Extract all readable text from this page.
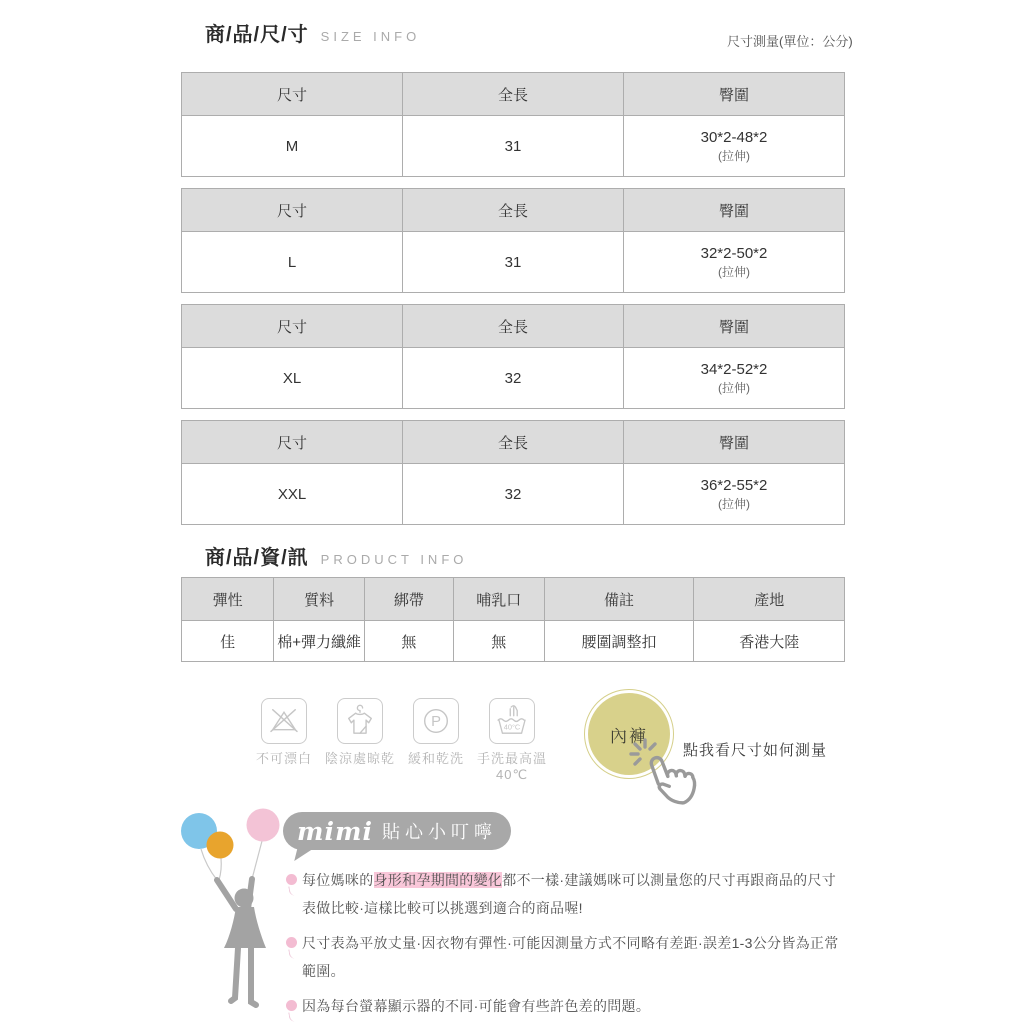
商/品/尺/寸 SIZE INFO	尺寸測量(單位：公分)
尺寸	全長	臀圍
M	31	30*2-48*2
(拉伸)
尺寸	全長	臀圍
L	31	32*2-50*2
(拉伸)
尺寸	全長	臀圍
XL	32	34*2-52*2
(拉伸)
尺寸	全長	臀圍
XXL	32	36*2-55*2
(拉伸)
商/品/資/訊 PRODUCT INFO
彈性	質料	綁帶	哺乳口	備註	產地
佳	棉+彈力纖維	無	無	腰圍調整扣	香港大陸
不可漂白 陰涼處晾乾
P
緩和乾洗
40°C
手洗最高溫
40℃
內褲
點我看尺寸如何測量
mimi 貼心小叮嚀
每位媽咪的身形和孕期間的變化都不一樣·建議媽咪可以測量您的尺寸再跟商品的尺寸表做比較·這樣比較可以挑選到適合的商品喔!
尺寸表為平放丈量·因衣物有彈性·可能因測量方式不同略有差距·誤差1-3公分皆為正常範圍。
因為每台螢幕顯示器的不同·可能會有些許色差的問題。
